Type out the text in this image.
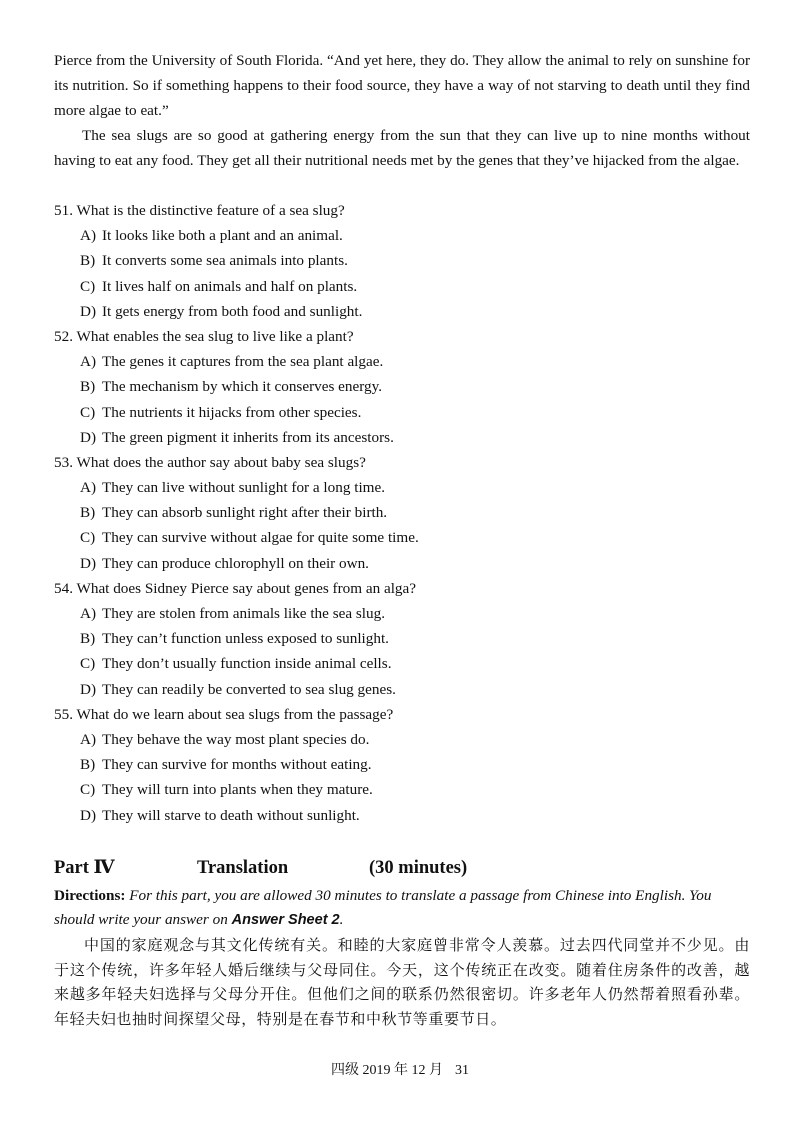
Pierce from the University of South Florida. “And yet here, they do. They allow the animal to rely on sunshine for its nutrition. So if something happens to their food source, they have a way of not starving to death until they find more algae to eat.”

The sea slugs are so good at gathering energy from the sun that they can live up to nine months without having to eat any food. They get all their nutritional needs met by the genes that they’ve hijacked from the algae.

51. What is the distinctive feature of a sea slug?
A) It looks like both a plant and an animal.
B) It converts some sea animals into plants.
C) It lives half on animals and half on plants.
D) It gets energy from both food and sunlight.
52. What enables the sea slug to live like a plant?
A) The genes it captures from the sea plant algae.
B) The mechanism by which it conserves energy.
C) The nutrients it hijacks from other species.
D) The green pigment it inherits from its ancestors.
53. What does the author say about baby sea slugs?
A) They can live without sunlight for a long time.
B) They can absorb sunlight right after their birth.
C) They can survive without algae for quite some time.
D) They can produce chlorophyll on their own.
54. What does Sidney Pierce say about genes from an alga?
A) They are stolen from animals like the sea slug.
B) They can’t function unless exposed to sunlight.
C) They don’t usually function inside animal cells.
D) They can readily be converted to sea slug genes.
55. What do we learn about sea slugs from the passage?
A) They behave the way most plant species do.
B) They can survive for months without eating.
C) They will turn into plants when they mature.
D) They will starve to death without sunlight.
Part Ⅳ	Translation	(30 minutes)

Directions: For this part, you are allowed 30 minutes to translate a passage from Chinese into English. You should write your answer on Answer Sheet 2.

中国的家庭观念与其文化传统有关。和睦的大家庭曾非常令人羡慕。过去四代同堂并不少见。由于这个传统，许多年轻人婚后继续与父母同住。今天，这个传统正在改变。随着住房条件的改善，越来越多年轻夫妇选择与父母分开住。但他们之间的联系仍然很密切。许多老年人仍然帮着照看孙辈。年轻夫妇也抽时间探望父母，特别是在春节和中秋节等重要节日。

四级 2019 年 12 月 31
